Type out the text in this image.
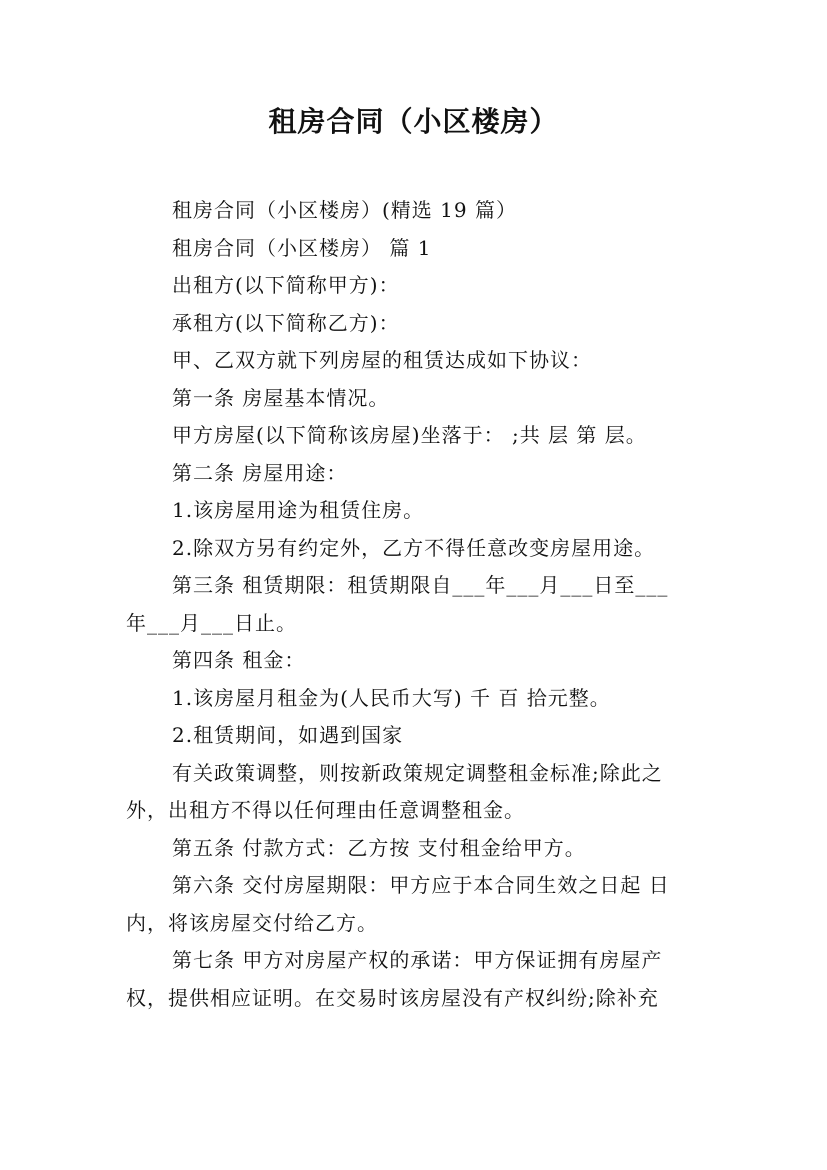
租房合同（小区楼房）

租房合同（小区楼房）(精选 19 篇）

租房合同（小区楼房） 篇 1

出租方(以下简称甲方)：

承租方(以下简称乙方)：

甲、乙双方就下列房屋的租赁达成如下协议：

第一条 房屋基本情况。

甲方房屋(以下简称该房屋)坐落于： ;共 层 第 层。

第二条 房屋用途：

1.该房屋用途为租赁住房。

2.除双方另有约定外，乙方不得任意改变房屋用途。

第三条 租赁期限：租赁期限自___年___月___日至___

年___月___日止。

第四条 租金：

1.该房屋月租金为(人民币大写) 千 百 拾元整。

2.租赁期间，如遇到国家

有关政策调整，则按新政策规定调整租金标准;除此之

外，出租方不得以任何理由任意调整租金。

第五条 付款方式：乙方按 支付租金给甲方。

第六条 交付房屋期限：甲方应于本合同生效之日起 日

内，将该房屋交付给乙方。

第七条 甲方对房屋产权的承诺：甲方保证拥有房屋产

权，提供相应证明。在交易时该房屋没有产权纠纷;除补充
